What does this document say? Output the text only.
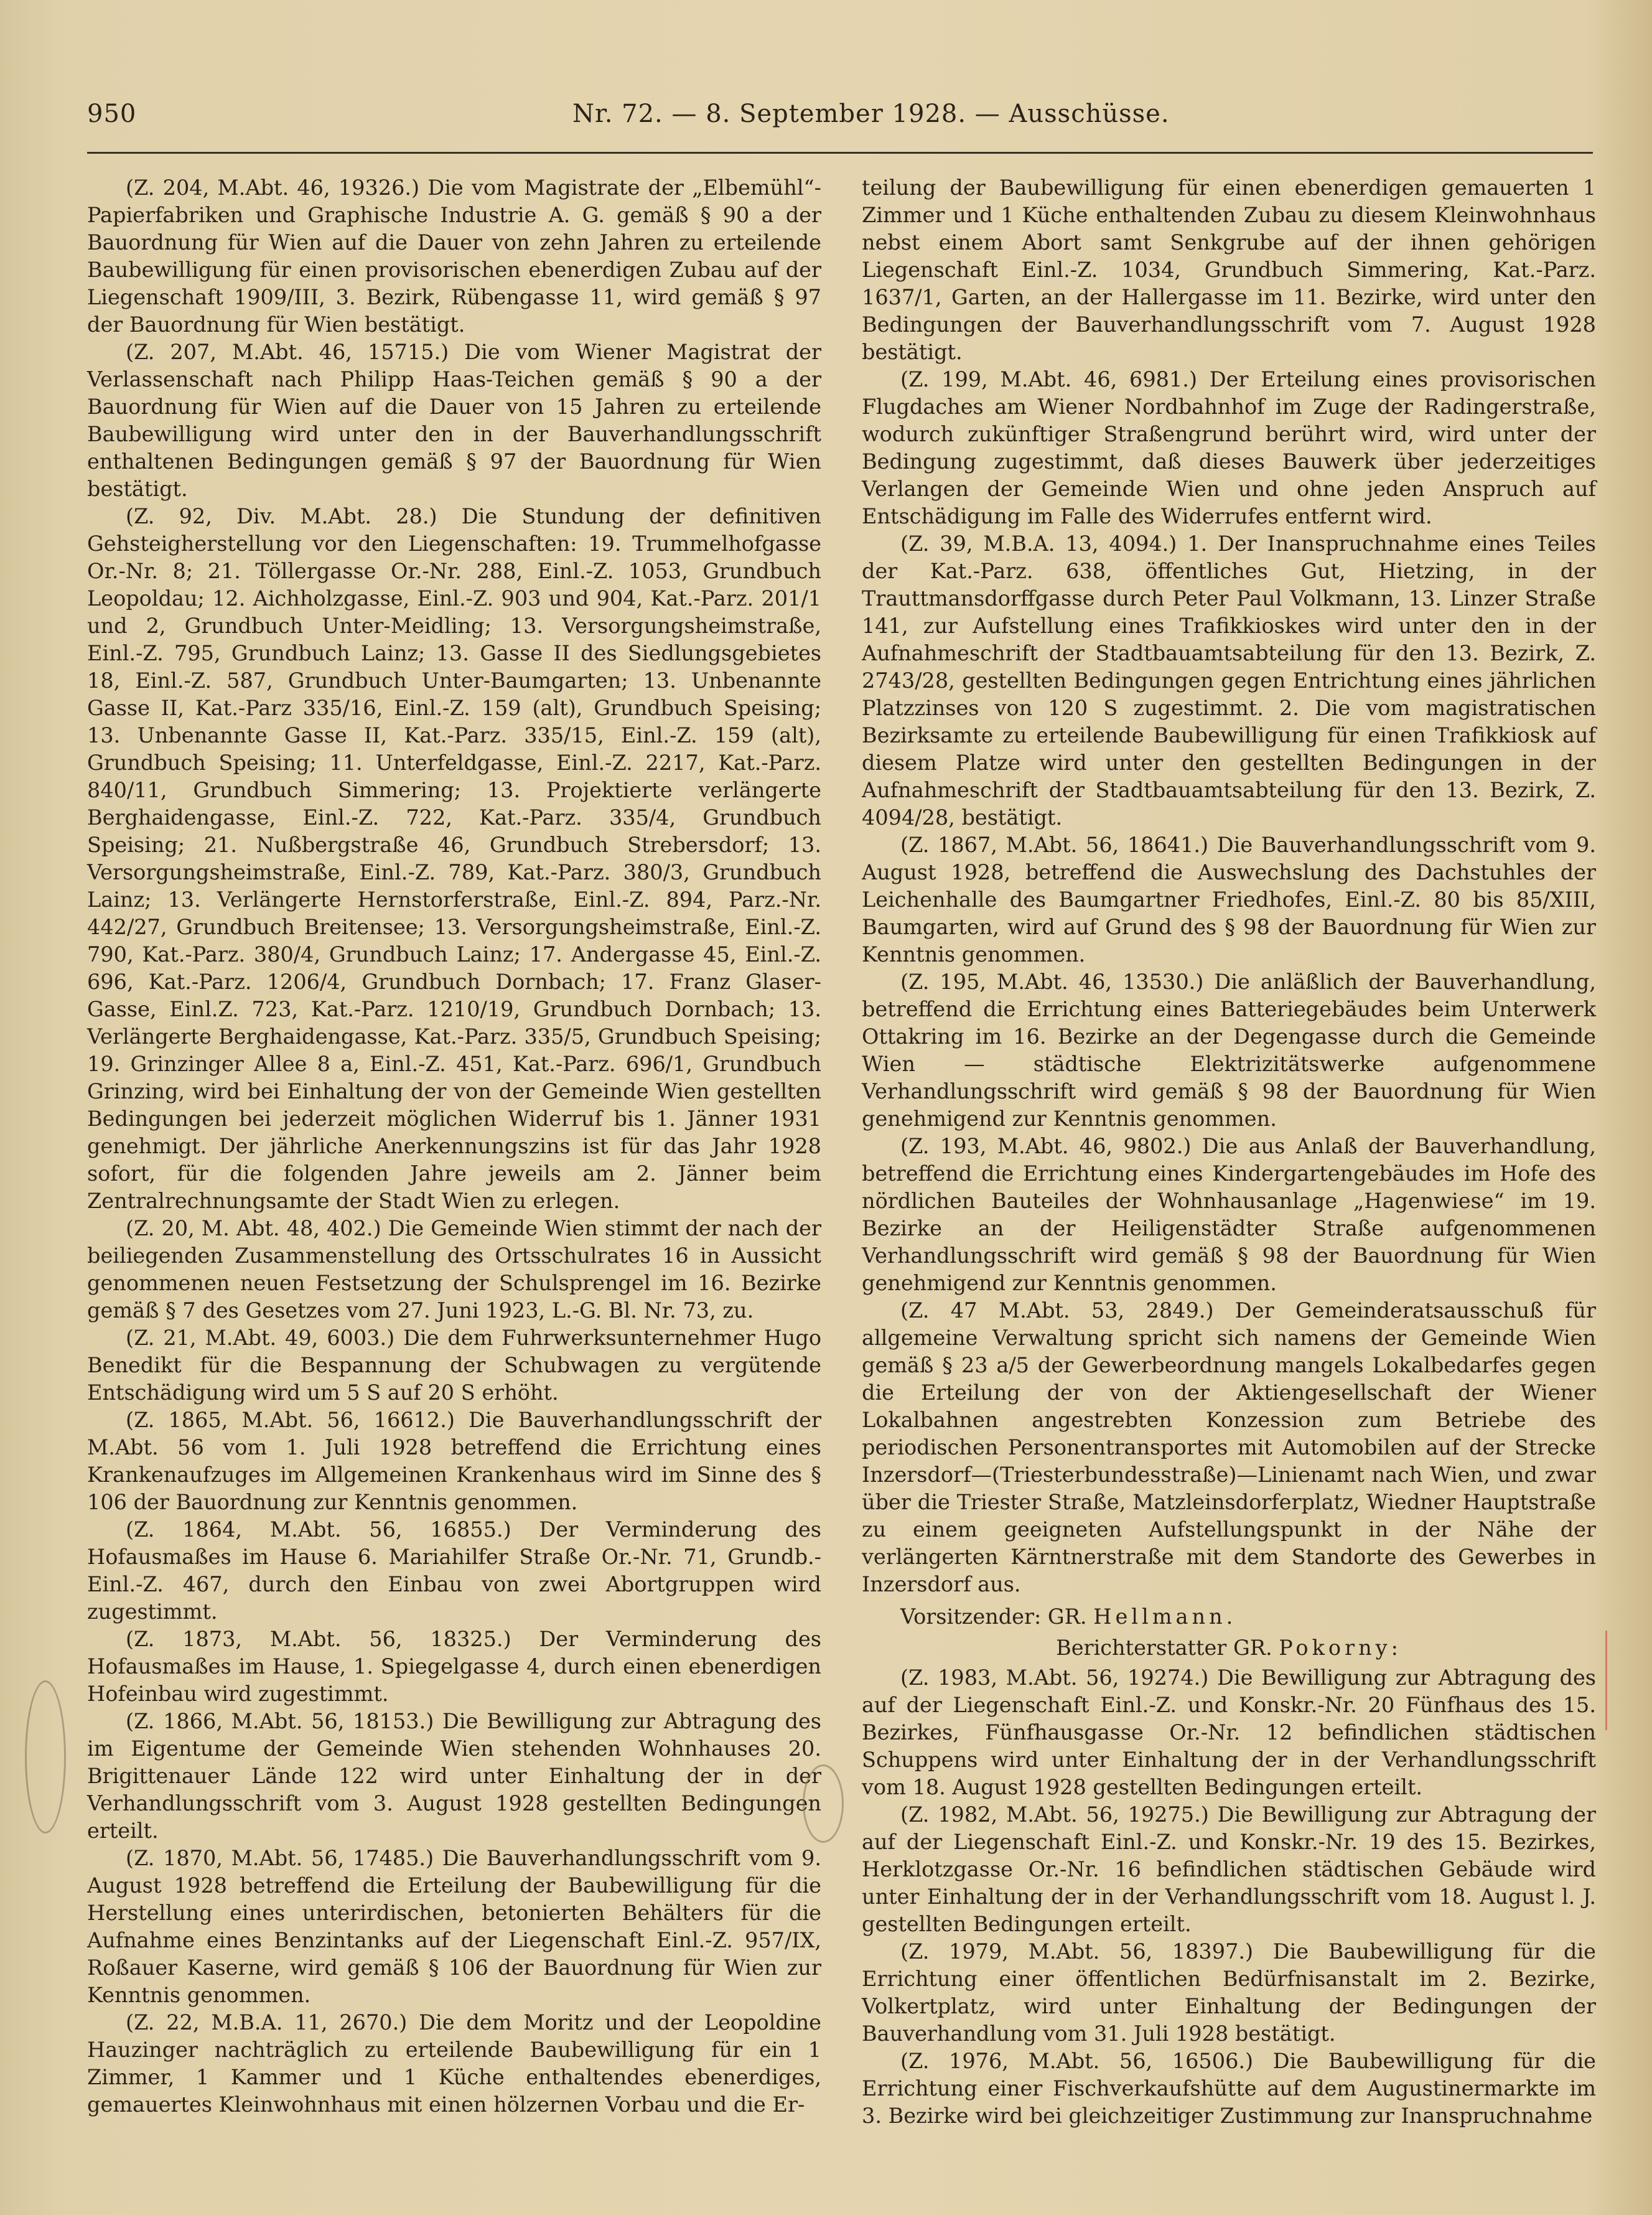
950	Nr. 72. — 8. September 1928. — Ausschüsse.

(Z. 204, M.Abt. 46, 19326.) Die vom Magistrate der „Elbemühl“-Papierfabriken und Graphische Industrie A. G. gemäß § 90 a der Bauordnung für Wien auf die Dauer von zehn Jahren zu erteilende Baubewilligung für einen provisorischen ebenerdigen Zubau auf der Liegenschaft 1909/III, 3. Bezirk, Rübengasse 11, wird gemäß § 97 der Bauordnung für Wien bestätigt.

(Z. 207, M.Abt. 46, 15715.) Die vom Wiener Magistrat der Verlassenschaft nach Philipp Haas-Teichen gemäß § 90 a der Bauordnung für Wien auf die Dauer von 15 Jahren zu erteilende Baubewilligung wird unter den in der Bauverhandlungsschrift enthaltenen Bedingungen gemäß § 97 der Bauordnung für Wien bestätigt.

(Z. 92, Div. M.Abt. 28.) Die Stundung der definitiven Gehsteigherstellung vor den Liegenschaften: 19. Trummelhofgasse Or.-Nr. 8; 21. Töllergasse Or.-Nr. 288, Einl.-Z. 1053, Grundbuch Leopoldau; 12. Aichholzgasse, Einl.-Z. 903 und 904, Kat.-Parz. 201/1 und 2, Grundbuch Unter-Meidling; 13. Versorgungsheimstraße, Einl.-Z. 795, Grundbuch Lainz; 13. Gasse II des Siedlungsgebietes 18, Einl.-Z. 587, Grundbuch Unter-Baumgarten; 13. Unbenannte Gasse II, Kat.-Parz 335/16, Einl.-Z. 159 (alt), Grundbuch Speising; 13. Unbenannte Gasse II, Kat.-Parz. 335/15, Einl.-Z. 159 (alt), Grundbuch Speising; 11. Unterfeldgasse, Einl.-Z. 2217, Kat.-Parz. 840/11, Grundbuch Simmering; 13. Projektierte verlängerte Berghaidengasse, Einl.-Z. 722, Kat.-Parz. 335/4, Grundbuch Speising; 21. Nußbergstraße 46, Grundbuch Strebersdorf; 13. Versorgungsheimstraße, Einl.-Z. 789, Kat.-Parz. 380/3, Grundbuch Lainz; 13. Verlängerte Hernstorferstraße, Einl.-Z. 894, Parz.-Nr. 442/27, Grundbuch Breitensee; 13. Versorgungsheimstraße, Einl.-Z. 790, Kat.-Parz. 380/4, Grundbuch Lainz; 17. Andergasse 45, Einl.-Z. 696, Kat.-Parz. 1206/4, Grundbuch Dornbach; 17. Franz Glaser-Gasse, Einl.Z. 723, Kat.-Parz. 1210/19, Grundbuch Dornbach; 13. Verlängerte Berghaidengasse, Kat.-Parz. 335/5, Grundbuch Speising; 19. Grinzinger Allee 8 a, Einl.-Z. 451, Kat.-Parz. 696/1, Grundbuch Grinzing, wird bei Einhaltung der von der Gemeinde Wien gestellten Bedingungen bei jederzeit möglichen Widerruf bis 1. Jänner 1931 genehmigt. Der jährliche Anerkennungszins ist für das Jahr 1928 sofort, für die folgenden Jahre jeweils am 2. Jänner beim Zentralrechnungsamte der Stadt Wien zu erlegen.

(Z. 20, M. Abt. 48, 402.) Die Gemeinde Wien stimmt der nach der beiliegenden Zusammenstellung des Ortsschulrates 16 in Aussicht genommenen neuen Festsetzung der Schulsprengel im 16. Bezirke gemäß § 7 des Gesetzes vom 27. Juni 1923, L.-G. Bl. Nr. 73, zu.

(Z. 21, M.Abt. 49, 6003.) Die dem Fuhrwerksunternehmer Hugo Benedikt für die Bespannung der Schubwagen zu vergütende Entschädigung wird um 5 S auf 20 S erhöht.

(Z. 1865, M.Abt. 56, 16612.) Die Bauverhandlungsschrift der M.Abt. 56 vom 1. Juli 1928 betreffend die Errichtung eines Krankenaufzuges im Allgemeinen Krankenhaus wird im Sinne des § 106 der Bauordnung zur Kenntnis genommen.

(Z. 1864, M.Abt. 56, 16855.) Der Verminderung des Hofausmaßes im Hause 6. Mariahilfer Straße Or.-Nr. 71, Grundb.-Einl.-Z. 467, durch den Einbau von zwei Abortgruppen wird zugestimmt.

(Z. 1873, M.Abt. 56, 18325.) Der Verminderung des Hofausmaßes im Hause, 1. Spiegelgasse 4, durch einen ebenerdigen Hofeinbau wird zugestimmt.

(Z. 1866, M.Abt. 56, 18153.) Die Bewilligung zur Abtragung des im Eigentume der Gemeinde Wien stehenden Wohnhauses 20. Brigittenauer Lände 122 wird unter Einhaltung der in der Verhandlungsschrift vom 3. August 1928 gestellten Bedingungen erteilt.

(Z. 1870, M.Abt. 56, 17485.) Die Bauverhandlungsschrift vom 9. August 1928 betreffend die Erteilung der Baubewilligung für die Herstellung eines unterirdischen, betonierten Behälters für die Aufnahme eines Benzintanks auf der Liegenschaft Einl.-Z. 957/IX, Roßauer Kaserne, wird gemäß § 106 der Bauordnung für Wien zur Kenntnis genommen.

(Z. 22, M.B.A. 11, 2670.) Die dem Moritz und der Leopoldine Hauzinger nachträglich zu erteilende Baubewilligung für ein 1 Zimmer, 1 Kammer und 1 Küche enthaltendes ebenerdiges, gemauertes Kleinwohnhaus mit einen hölzernen Vorbau und die Er-

teilung der Baubewilligung für einen ebenerdigen gemauerten 1 Zimmer und 1 Küche enthaltenden Zubau zu diesem Kleinwohnhaus nebst einem Abort samt Senkgrube auf der ihnen gehörigen Liegenschaft Einl.-Z. 1034, Grundbuch Simmering, Kat.-Parz. 1637/1, Garten, an der Hallergasse im 11. Bezirke, wird unter den Bedingungen der Bauverhandlungsschrift vom 7. August 1928 bestätigt.

(Z. 199, M.Abt. 46, 6981.) Der Erteilung eines provisorischen Flugdaches am Wiener Nordbahnhof im Zuge der Radingerstraße, wodurch zukünftiger Straßengrund berührt wird, wird unter der Bedingung zugestimmt, daß dieses Bauwerk über jederzeitiges Verlangen der Gemeinde Wien und ohne jeden Anspruch auf Entschädigung im Falle des Widerrufes entfernt wird.

(Z. 39, M.B.A. 13, 4094.) 1. Der Inanspruchnahme eines Teiles der Kat.-Parz. 638, öffentliches Gut, Hietzing, in der Trauttmansdorffgasse durch Peter Paul Volkmann, 13. Linzer Straße 141, zur Aufstellung eines Trafikkioskes wird unter den in der Aufnahmeschrift der Stadtbauamtsabteilung für den 13. Bezirk, Z. 2743/28, gestellten Bedingungen gegen Entrichtung eines jährlichen Platzzinses von 120 S zugestimmt. 2. Die vom magistratischen Bezirksamte zu erteilende Baubewilligung für einen Trafikkiosk auf diesem Platze wird unter den gestellten Bedingungen in der Aufnahmeschrift der Stadtbauamtsabteilung für den 13. Bezirk, Z. 4094/28, bestätigt.

(Z. 1867, M.Abt. 56, 18641.) Die Bauverhandlungsschrift vom 9. August 1928, betreffend die Auswechslung des Dachstuhles der Leichenhalle des Baumgartner Friedhofes, Einl.-Z. 80 bis 85/XIII, Baumgarten, wird auf Grund des § 98 der Bauordnung für Wien zur Kenntnis genommen.

(Z. 195, M.Abt. 46, 13530.) Die anläßlich der Bauverhandlung, betreffend die Errichtung eines Batteriegebäudes beim Unterwerk Ottakring im 16. Bezirke an der Degengasse durch die Gemeinde Wien — städtische Elektrizitätswerke aufgenommene Verhandlungsschrift wird gemäß § 98 der Bauordnung für Wien genehmigend zur Kenntnis genommen.

(Z. 193, M.Abt. 46, 9802.) Die aus Anlaß der Bauverhandlung, betreffend die Errichtung eines Kindergartengebäudes im Hofe des nördlichen Bauteiles der Wohnhausanlage „Hagenwiese“ im 19. Bezirke an der Heiligenstädter Straße aufgenommenen Verhandlungsschrift wird gemäß § 98 der Bauordnung für Wien genehmigend zur Kenntnis genommen.

(Z. 47 M.Abt. 53, 2849.) Der Gemeinderatsausschuß für allgemeine Verwaltung spricht sich namens der Gemeinde Wien gemäß § 23 a/5 der Gewerbeordnung mangels Lokalbedarfes gegen die Erteilung der von der Aktiengesellschaft der Wiener Lokalbahnen angestrebten Konzession zum Betriebe des periodischen Personentransportes mit Automobilen auf der Strecke Inzersdorf—(Triesterbundesstraße)—Linienamt nach Wien, und zwar über die Triester Straße, Matzleinsdorferplatz, Wiedner Hauptstraße zu einem geeigneten Aufstellungspunkt in der Nähe der verlängerten Kärntnerstraße mit dem Standorte des Gewerbes in Inzersdorf aus.

Vorsitzender: GR. Hellmann.

Berichterstatter GR. Pokorny:

(Z. 1983, M.Abt. 56, 19274.) Die Bewilligung zur Abtragung des auf der Liegenschaft Einl.-Z. und Konskr.-Nr. 20 Fünfhaus des 15. Bezirkes, Fünfhausgasse Or.-Nr. 12 befindlichen städtischen Schuppens wird unter Einhaltung der in der Verhandlungsschrift vom 18. August 1928 gestellten Bedingungen erteilt.

(Z. 1982, M.Abt. 56, 19275.) Die Bewilligung zur Abtragung der auf der Liegenschaft Einl.-Z. und Konskr.-Nr. 19 des 15. Bezirkes, Herklotzgasse Or.-Nr. 16 befindlichen städtischen Gebäude wird unter Einhaltung der in der Verhandlungsschrift vom 18. August l. J. gestellten Bedingungen erteilt.

(Z. 1979, M.Abt. 56, 18397.) Die Baubewilligung für die Errichtung einer öffentlichen Bedürfnisanstalt im 2. Bezirke, Volkertplatz, wird unter Einhaltung der Bedingungen der Bauverhandlung vom 31. Juli 1928 bestätigt.

(Z. 1976, M.Abt. 56, 16506.) Die Baubewilligung für die Errichtung einer Fischverkaufshütte auf dem Augustinermarkte im 3. Bezirke wird bei gleichzeitiger Zustimmung zur Inanspruchnahme
